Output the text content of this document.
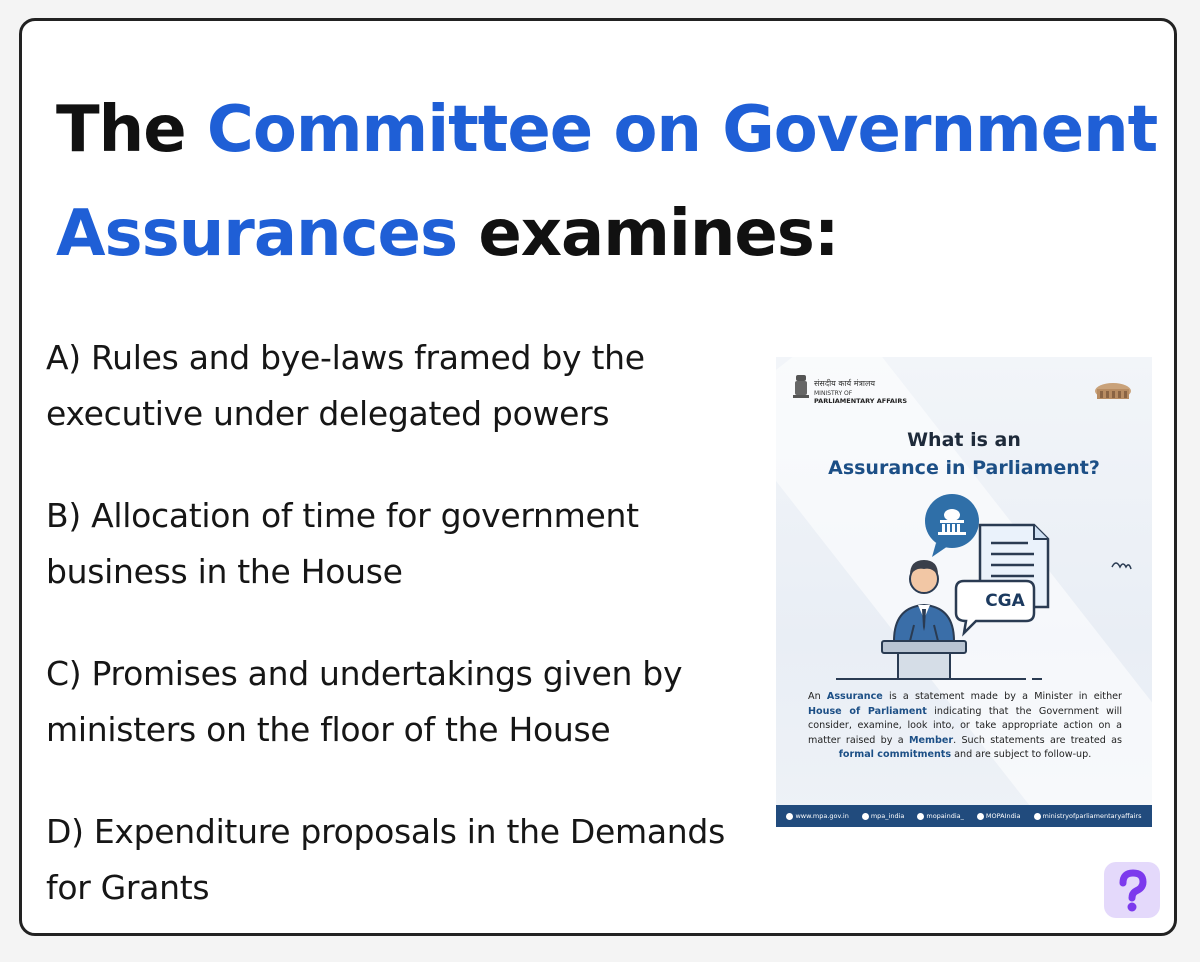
The Committee on Government Assurances examines:

A) Rules and bye-laws framed by the executive under delegated powers

B) Allocation of time for government business in the House

C) Promises and undertakings given by ministers on the floor of the House

D) Expenditure proposals in the Demands for Grants

संसदीय कार्य मंत्रालय
MINISTRY OF
PARLIAMENTARY AFFAIRS
What is an
Assurance in Parliament?
CGA
An Assurance is a statement made by a Minister in either House of Parliament indicating that the Government will consider, examine, look into, or take appropriate action on a matter raised by a Member. Such statements are treated as formal commitments and are subject to follow-up.
www.mpa.gov.in	mpa_india	mopaindia_	MOPAIndia	ministryofparliamentaryaffairs
